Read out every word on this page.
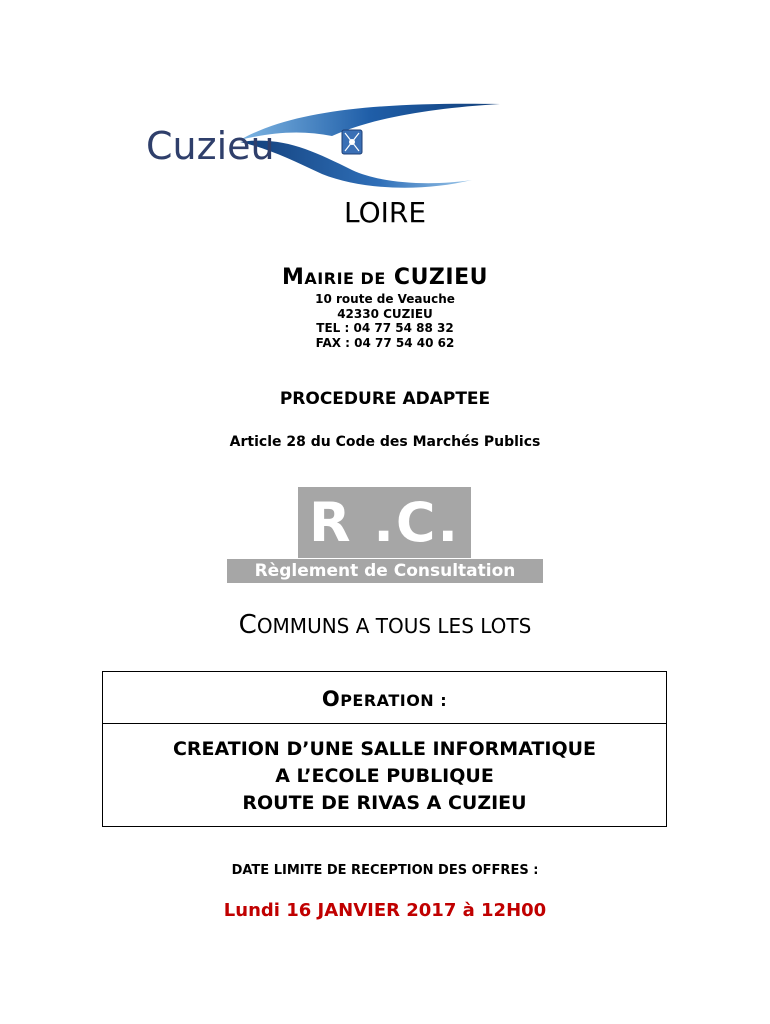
Cuzieu
LOIRE
MAIRIE DE CUZIEU
10 route de Veauche
42330 CUZIEU
TEL : 04 77 54 88 32
FAX : 04 77 54 40 62
PROCEDURE ADAPTEE
Article 28 du Code des Marchés Publics
R .C.
Règlement de Consultation
COMMUNS A TOUS LES LOTS
OPERATION :
CREATION D’UNE SALLE INFORMATIQUE
A L’ECOLE PUBLIQUE
ROUTE DE RIVAS A CUZIEU
DATE LIMITE DE RECEPTION DES OFFRES :
Lundi 16 JANVIER 2017 à 12H00
